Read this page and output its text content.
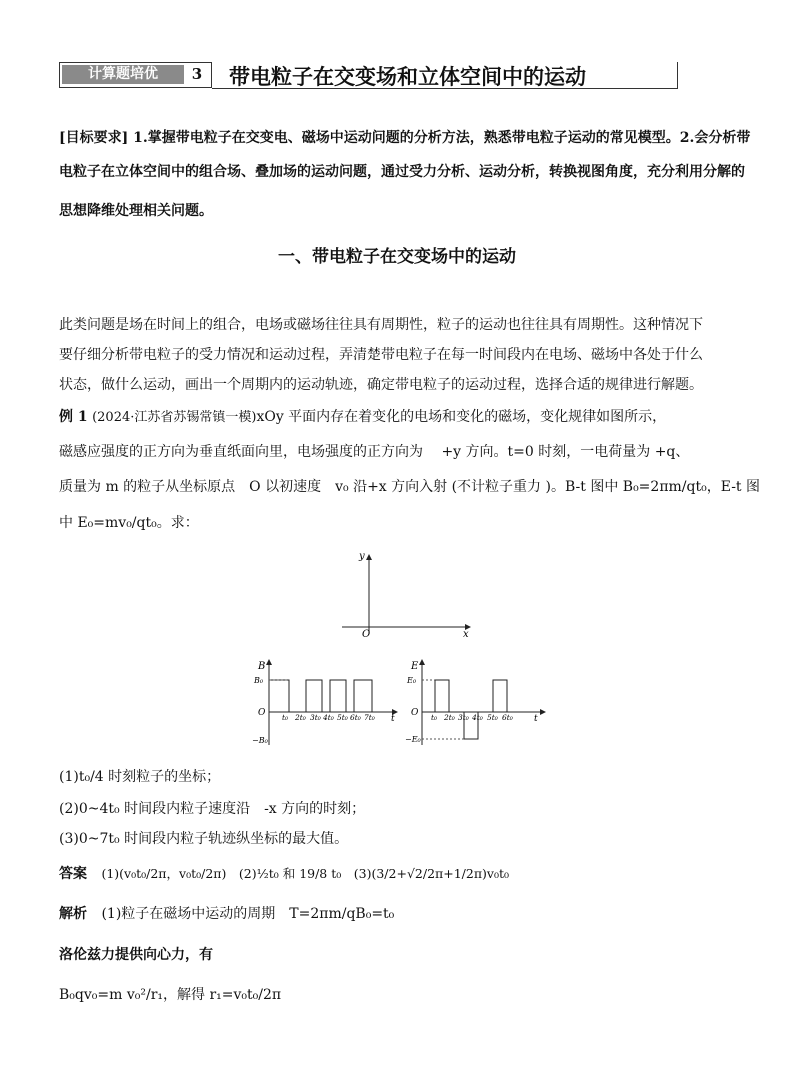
计算题培优	3 带电粒子在交变场和立体空间中的运动
[目标要求] 1.掌握带电粒子在交变电、磁场中运动问题的分析方法，熟悉带电粒子运动的常见模型。2.会分析带
电粒子在立体空间中的组合场、叠加场的运动问题，通过受力分析、运动分析，转换视图角度，充分利用分解的
思想降维处理相关问题。
一、带电粒子在交变场中的运动
此类问题是场在时间上的组合，电场或磁场往往具有周期性，粒子的运动也往往具有周期性。这种情况下
要仔细分析带电粒子的受力情况和运动过程，弄清楚带电粒子在每一时间段内在电场、磁场中各处于什么
状态，做什么运动，画出一个周期内的运动轨迹，确定带电粒子的运动过程，选择合适的规律进行解题。
例 1 (2024·江苏省苏锡常镇一模)xOy 平面内存在着变化的电场和变化的磁场，变化规律如图所示，
磁感应强度的正方向为垂直纸面向里，电场强度的正方向为　 +y 方向。t=0 时刻，一电荷量为 +q、
质量为 m 的粒子从坐标原点　O 以初速度　v₀ 沿+x 方向入射 (不计粒子重力 )。B-t 图中 B₀=2πm/qt₀，E-t 图
中 E₀=mv₀/qt₀。求：
y
x
O
B
B₀
O
−B₀
t
t₀ 2t₀ 3t₀ 4t₀ 5t₀ 6t₀ 7t₀
E
E₀
O
−E₀
t
t₀ 2t₀ 3t₀ 4t₀ 5t₀ 6t₀
(1)t₀/4 时刻粒子的坐标；
(2)0~4t₀ 时间段内粒子速度沿　-x 方向的时刻；
(3)0~7t₀ 时间段内粒子轨迹纵坐标的最大值。
答案 (1)(v₀t₀/2π，v₀t₀/2π)　(2)½t₀ 和 19/8 t₀　(3)(3/2+√2/2π+1/2π)v₀t₀
解析 (1)粒子在磁场中运动的周期　T=2πm/qB₀=t₀
洛伦兹力提供向心力，有
B₀qv₀=m v₀²/r₁，解得 r₁=v₀t₀/2π
